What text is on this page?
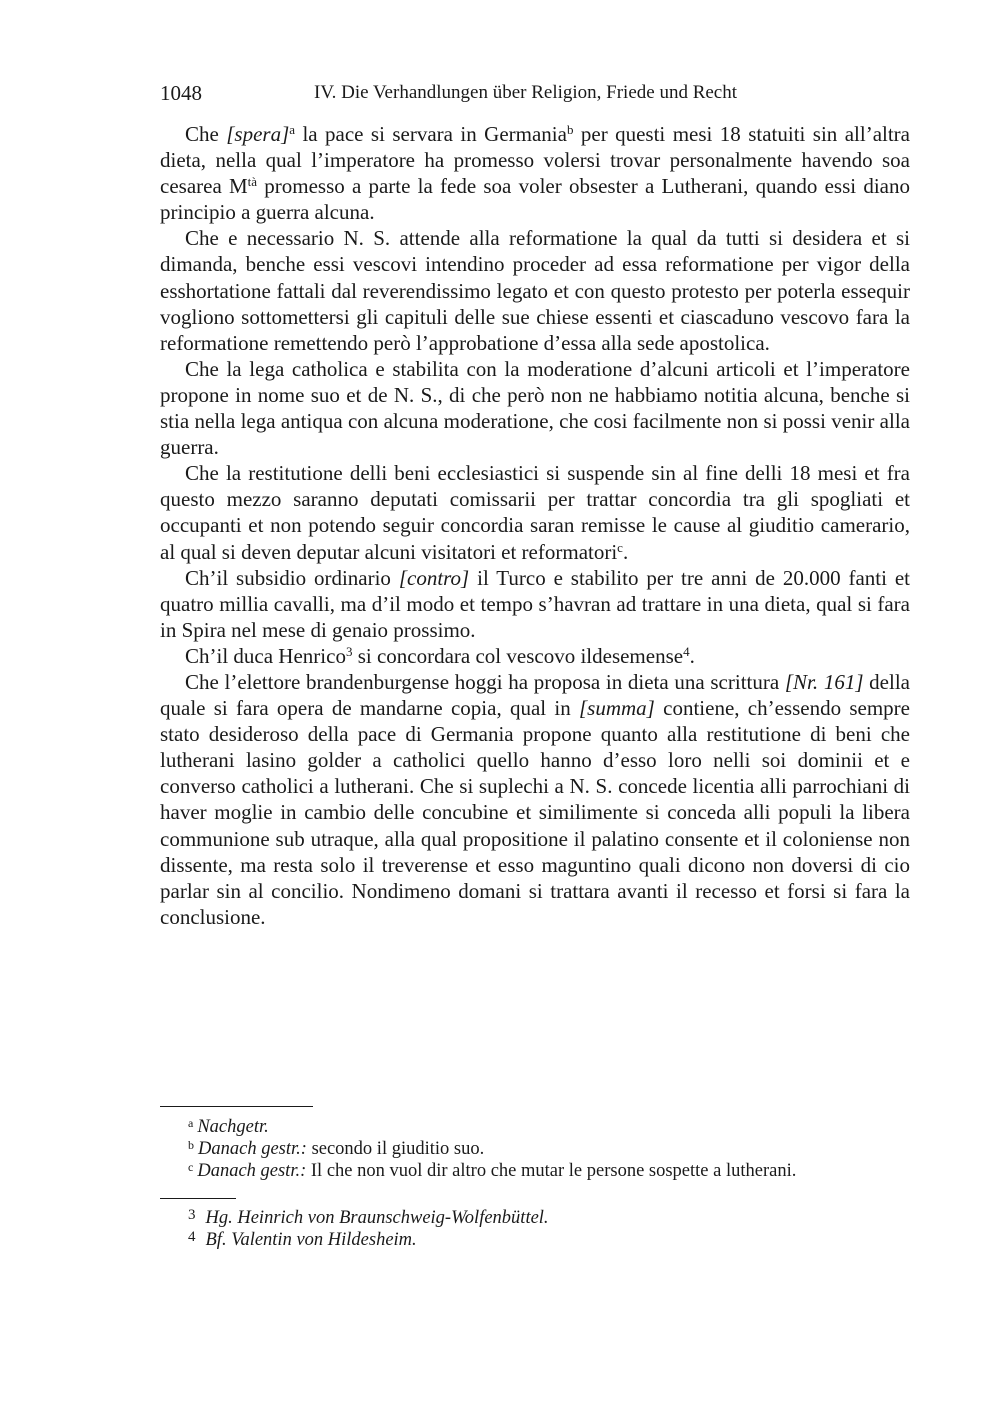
1048	IV. Die Verhandlungen über Religion, Friede und Recht

Che [spera]$^a$ la pace si servara in Germania$^b$ per questi mesi 18 statuiti sin all’altra dieta, nella qual l’imperatore ha promesso volersi trovar personalmente havendo soa cesarea $M^{tà}$ promesso a parte la fede soa voler obsester a Lutherani, quando essi diano principio a guerra alcuna.

Che e necessario N. S. attende alla reformatione la qual da tutti si desidera et si dimanda, benche essi vescovi intendino proceder ad essa reformatione per vigor della esshortatione fattali dal reverendissimo legato et con questo protesto per poterla essequir vogliono sottomettersi gli capituli delle sue chiese essenti et ciascaduno vescovo fara la reformatione remettendo però l’approbatione d’essa alla sede apostolica.

Che la lega catholica e stabilita con la moderatione d’alcuni articoli et l’imperatore propone in nome suo et de N. S., di che però non ne habbiamo notitia alcuna, benche si stia nella lega antiqua con alcuna moderatione, che cosi facilmente non si possi venir alla guerra.

Che la restitutione delli beni ecclesiastici si suspende sin al fine delli 18 mesi et fra questo mezzo saranno deputati comissarii per trattar concordia tra gli spogliati et occupanti et non potendo seguir concordia saran remisse le cause al giuditio camerario, al qual si deven deputar alcuni visitatori et reformatori$^c$.

Ch’il subsidio ordinario [contro] il Turco e stabilito per tre anni de 20.000 fanti et quatro millia cavalli, ma d’il modo et tempo s’havran ad trattare in una dieta, qual si fara in Spira nel mese di genaio prossimo.

Ch’il duca Henrico$^3$ si concordara col vescovo ildesemense$^4$.

Che l’elettore brandenburgense hoggi ha proposa in dieta una scrittura [Nr. 161] della quale si fara opera de mandarne copia, qual in [summa] contiene, ch’essendo sempre stato desideroso della pace di Germania propone quanto alla restitutione di beni che lutherani lasino golder a catholici quello hanno d’esso loro nelli soi dominii et e converso catholici a lutherani. Che si suplechi a N. S. concede licentia alli parrochiani di haver moglie in cambio delle concubine et similimente si conceda alli populi la libera communione sub utraque, alla qual propositione il palatino consente et il coloniense non dissente, ma resta solo il treverense et esso maguntino quali dicono non doversi di cio parlar sin al concilio. Nondimeno domani si trattara avanti il recesso et forsi si fara la conclusione.

$^a$ Nachgetr.
$^b$ Danach gestr.: secondo il giuditio suo.
$^c$ Danach gestr.: Il che non vuol dir altro che mutar le persone sospette a lutherani.
$^3$ Hg. Heinrich von Braunschweig-Wolfenbüttel.
$^4$ Bf. Valentin von Hildesheim.
